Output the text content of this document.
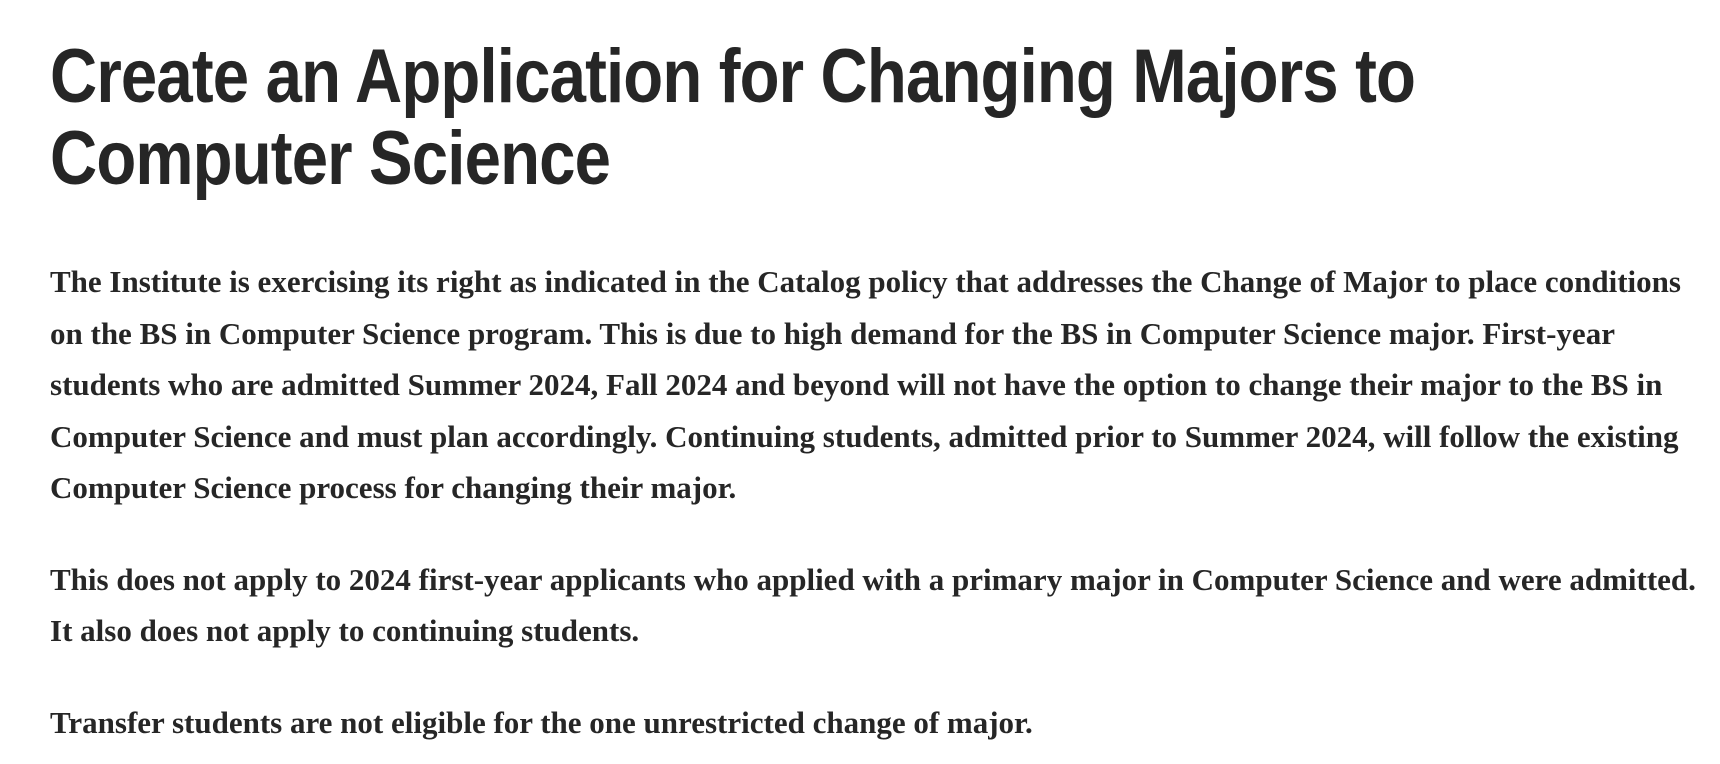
Create an Application for Changing Majors to Computer Science

The Institute is exercising its right as indicated in the Catalog policy that addresses the Change of Major to place conditions on the BS in Computer Science program. This is due to high demand for the BS in Computer Science major. First-year students who are admitted Summer 2024, Fall 2024 and beyond will not have the option to change their major to the BS in Computer Science and must plan accordingly. Continuing students, admitted prior to Summer 2024, will follow the existing Computer Science process for changing their major.

This does not apply to 2024 first-year applicants who applied with a primary major in Computer Science and were admitted. It also does not apply to continuing students.

Transfer students are not eligible for the one unrestricted change of major.
